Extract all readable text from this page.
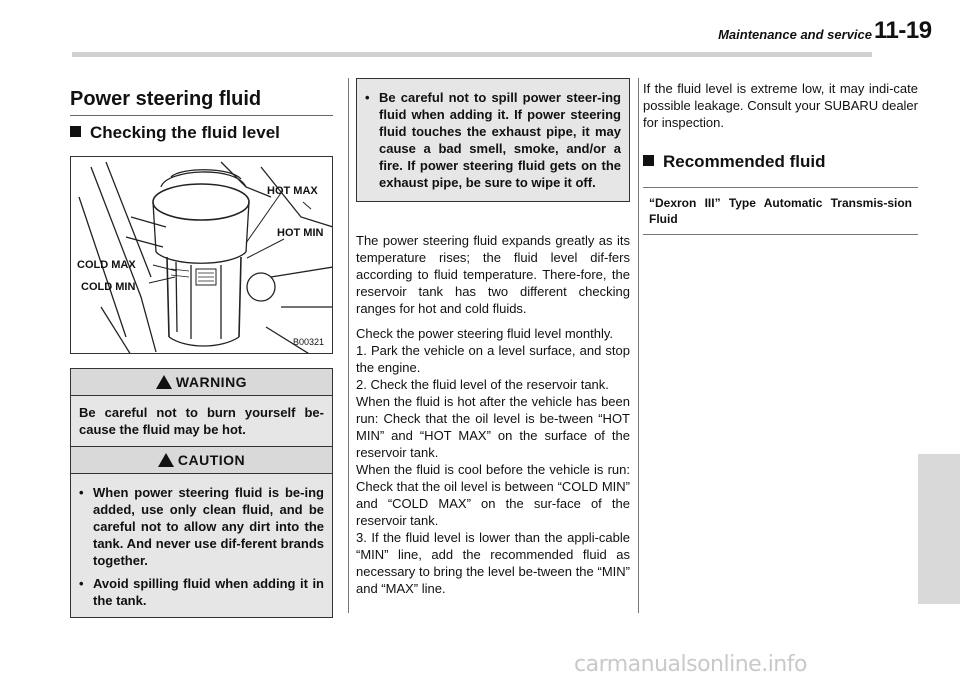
Maintenance and service 11-19
Power steering fluid
Checking the fluid level
HOT MAX
HOT MIN
COLD MAX
COLD MIN
B00321
WARNING
Be careful not to burn yourself be-cause the fluid may be hot.
CAUTION
• When power steering fluid is be-ing added, use only clean fluid, and be careful not to allow any dirt into the tank. And never use dif-ferent brands together.
• Avoid spilling fluid when adding it in the tank.
• Be careful not to spill power steer-ing fluid when adding it. If power steering fluid touches the exhaust pipe, it may cause a bad smell, smoke, and/or a fire. If power steering fluid gets on the exhaust pipe, be sure to wipe it off.

The power steering fluid expands greatly as its temperature rises; the fluid level dif-fers according to fluid temperature. There-fore, the reservoir tank has two different checking ranges for hot and cold fluids.

Check the power steering fluid level monthly.

1. Park the vehicle on a level surface, and stop the engine.
2. Check the fluid level of the reservoir tank.
When the fluid is hot after the vehicle has been run: Check that the oil level is be-tween “HOT MIN” and “HOT MAX” on the surface of the reservoir tank.
When the fluid is cool before the vehicle is run: Check that the oil level is between “COLD MIN” and “COLD MAX” on the sur-face of the reservoir tank.
3. If the fluid level is lower than the appli-cable “MIN” line, add the recommended fluid as necessary to bring the level be-tween the “MIN” and “MAX” line.
If the fluid level is extreme low, it may indi-cate possible leakage. Consult your SUBARU dealer for inspection.
Recommended fluid
“Dexron III” Type Automatic Transmis-sion Fluid
carmanualsonline.info
